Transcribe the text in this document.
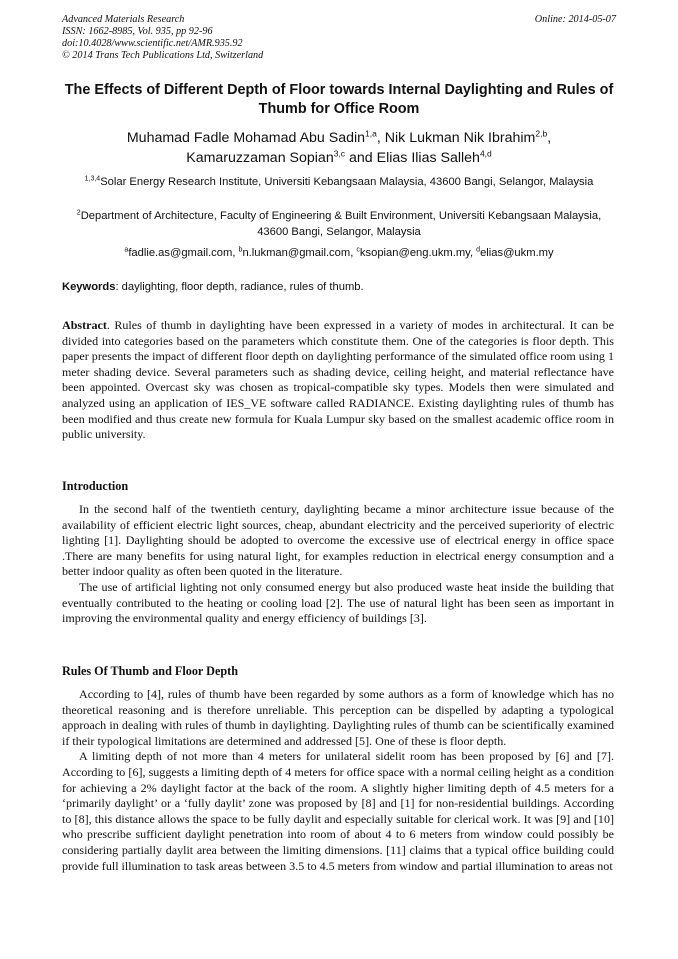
Advanced Materials Research
ISSN: 1662-8985, Vol. 935, pp 92-96
doi:10.4028/www.scientific.net/AMR.935.92
© 2014 Trans Tech Publications Ltd, Switzerland
Online: 2014-05-07
The Effects of Different Depth of Floor towards Internal Daylighting and Rules of Thumb for Office Room
Muhamad Fadle Mohamad Abu Sadin$^{1,a}$, Nik Lukman Nik Ibrahim$^{2,b}$,
Kamaruzzaman Sopian$^{3,c}$ and Elias Ilias Salleh$^{4,d}$
$^{1,3,4}$Solar Energy Research Institute, Universiti Kebangsaan Malaysia, 43600 Bangi, Selangor, Malaysia
$^2$Department of Architecture, Faculty of Engineering & Built Environment, Universiti Kebangsaan Malaysia, 43600 Bangi, Selangor, Malaysia
$^a$fadlie.as@gmail.com, $^b$n.lukman@gmail.com, $^c$ksopian@eng.ukm.my, $^d$elias@ukm.my
Keywords: daylighting, floor depth, radiance, rules of thumb.

Abstract. Rules of thumb in daylighting have been expressed in a variety of modes in architectural. It can be divided into categories based on the parameters which constitute them. One of the categories is floor depth. This paper presents the impact of different floor depth on daylighting performance of the simulated office room using 1 meter shading device. Several parameters such as shading device, ceiling height, and material reflectance have been appointed. Overcast sky was chosen as tropical-compatible sky types. Models then were simulated and analyzed using an application of IES_VE software called RADIANCE. Existing daylighting rules of thumb has been modified and thus create new formula for Kuala Lumpur sky based on the smallest academic office room in public university.

Introduction

In the second half of the twentieth century, daylighting became a minor architecture issue because of the availability of efficient electric light sources, cheap, abundant electricity and the perceived superiority of electric lighting [1]. Daylighting should be adopted to overcome the excessive use of electrical energy in office space .There are many benefits for using natural light, for examples reduction in electrical energy consumption and a better indoor quality as often been quoted in the literature.

The use of artificial lighting not only consumed energy but also produced waste heat inside the building that eventually contributed to the heating or cooling load [2]. The use of natural light has been seen as important in improving the environmental quality and energy efficiency of buildings [3].

Rules Of Thumb and Floor Depth

According to [4], rules of thumb have been regarded by some authors as a form of knowledge which has no theoretical reasoning and is therefore unreliable. This perception can be dispelled by adapting a typological approach in dealing with rules of thumb in daylighting. Daylighting rules of thumb can be scientifically examined if their typological limitations are determined and addressed [5]. One of these is floor depth.

A limiting depth of not more than 4 meters for unilateral sidelit room has been proposed by [6] and [7]. According to [6], suggests a limiting depth of 4 meters for office space with a normal ceiling height as a condition for achieving a 2% daylight factor at the back of the room. A slightly higher limiting depth of 4.5 meters for a ‘primarily daylight’ or a ‘fully daylit’ zone was proposed by [8] and [1] for non-residential buildings. According to [8], this distance allows the space to be fully daylit and especially suitable for clerical work. It was [9] and [10] who prescribe sufficient daylight penetration into room of about 4 to 6 meters from window could possibly be considering partially daylit area between the limiting dimensions. [11] claims that a typical office building could provide full illumination to task areas between 3.5 to 4.5 meters from window and partial illumination to areas not
